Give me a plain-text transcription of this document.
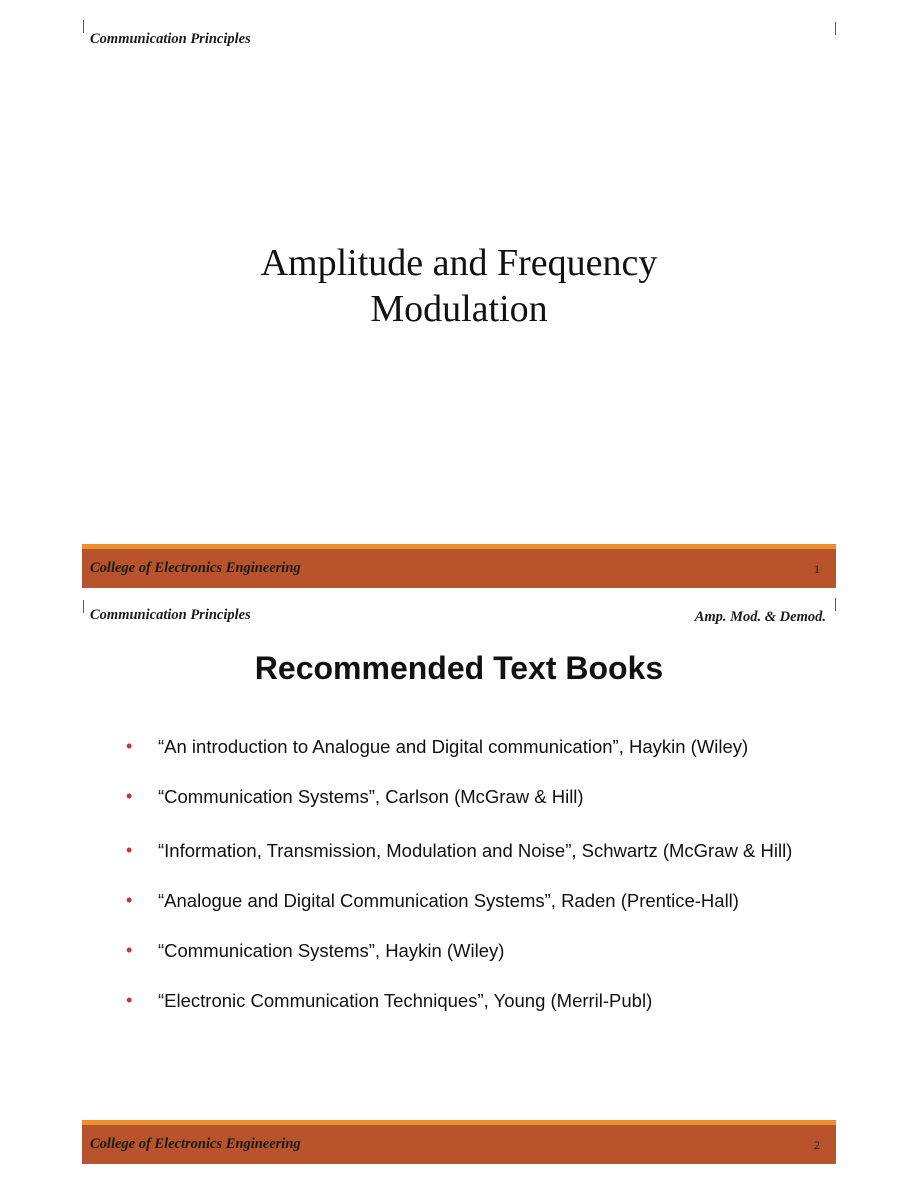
Communication Principles
Amplitude and Frequency
Modulation
College of Electronics Engineering	1
Communication Principles	Amp. Mod. & Demod.
Recommended Text Books
• “An introduction to Analogue and Digital communication”, Haykin (Wiley)
• “Communication Systems”, Carlson (McGraw & Hill)
• “Information, Transmission, Modulation and Noise”, Schwartz (McGraw & Hill)
• “Analogue and Digital Communication Systems”, Raden (Prentice-Hall)
• “Communication Systems”, Haykin (Wiley)
• “Electronic Communication Techniques”, Young (Merril-Publ)
College of Electronics Engineering	2
